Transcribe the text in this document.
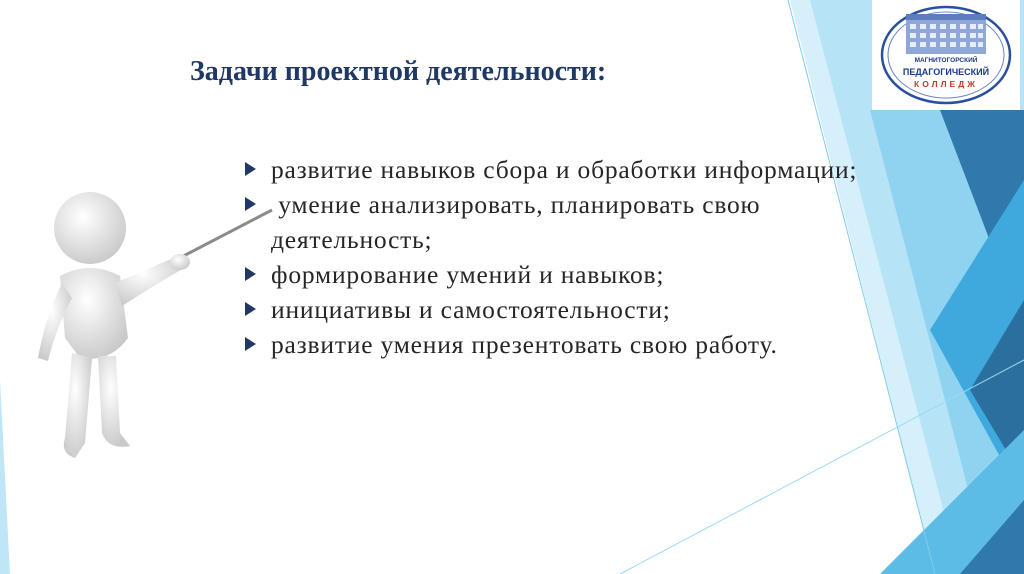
Задачи проектной деятельности:
развитие навыков сбора и обработки информации;
умение анализировать, планировать свою деятельность;
формирование умений и навыков;
инициативы и самостоятельности;
развитие умения презентовать свою работу.
МАГНИТОГОРСКИЙ
ПЕДАГОГИЧЕСКИЙ
КОЛЛЕДЖ
